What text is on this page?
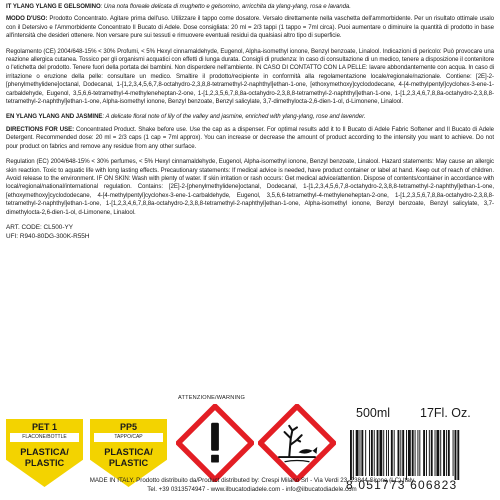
IT YLANG YLANG E GELSOMINO: Una nota floreale delicata di mughetto e gelsomino, arricchita da ylang-ylang, rosa e lavanda.

MODO D'USO: Prodotto Concentrato. Agitare prima dell'uso. Utilizzare il tappo come dosatore. Versalo direttamente nella vaschetta dell'ammorbidente. Per un risultato ottimale usalo con il Detersivo e l'Ammorbidente Concentrato Il Bucato di Adele. Dose consigliata: 20 ml = 2/3 tappi (1 tappo = 7ml circa). Puoi aumentare o diminuire la quantità di prodotto in base all'intensità che desideri ottenere. Non versare pure sui tessuti e rimuovere eventuali residui da qualsiasi altro tipo di superficie.

Regolamento (CE) 2004/648-15% < 30% Profumi, < 5% Hexyl cinnamaldehyde, Eugenol, Alpha-isomethyl ionone, Benzyl benzoate, Linalool. Indicazioni di pericolo: Può provocare una reazione allergica cutanea. Tossico per gli organismi acquatici con effetti di lunga durata. Consigli di prudenza: In caso di consultazione di un medico, tenere a disposizione il contenitore o l'etichetta del prodotto. Tenere fuori della portata dei bambini. Non disperdere nell'ambiente. IN CASO DI CONTATTO CON LA PELLE: lavare abbondantemente con acqua. In caso di irritazione o eruzione della pelle: consultare un medico. Smaltire il prodotto/recipiente in conformità alla regolamentazione locale/regionale/nazionale. Contiene: [2E]-2-[phenylmethylidene]octanal, Dodecanal, 1-[1,2,3,4,5,6,7,8-octahydro-2,3,8,8-tetramethyl-2-naphthyl]ethan-1-one, [ethoxymethoxy]cyclododecane, 4-[4-methylpentyl]cyclohex-3-ene-1-carbaldehyde, Eugenol, 3,5,6,6-tetramethyl-4-methyleneheptan-2-one, 1-[1,2,3,5,6,7,8,8a-octahydro-2,3,8,8-tetramethyl-2-naphthyl]ethan-1-one, 1-[1,2,3,4,6,7,8,8a-octahydro-2,3,8,8-tetramethyl-2-naphthyl]ethan-1-one, Alpha-isomethyl ionone, Benzyl benzoate, Benzyl salicylate, 3,7-dimethylocta-2,6-dien-1-ol, d-Limonene, Linalool.

EN YLANG YLANG AND JASMINE: A delicate floral note of lily of the valley and jasmine, enriched with ylang-ylang, rose and lavender.

DIRECTIONS FOR USE: Concentrated Product. Shake before use. Use the cap as a dispenser. For optimal results add it to Il Bucato di Adele Fabric Softener and Il Bucato di Adele Detergent. Recommended dose: 20 ml = 2/3 caps (1 cap = 7ml approx). You can increase or decrease the amount of product according to the intensity you want to achieve. Do not pour product on fabrics and remove any residue from any other surface.

Regulation (EC) 2004/648-15% < 30% perfumes, < 5% Hexyl cinnamaldehyde, Eugenol, Alpha-isomethyl ionone, Benzyl benzoate, Linalool. Hazard statements: May cause an allergic skin reaction. Toxic to aquatic life with long lasting effects. Precautionary statements: If medical advice is needed, have product container or label at hand. Keep out of reach of children. Avoid release to the environment. IF ON SKIN: Wash with plenty of water. If skin irritation or rash occurs: Get medical advice/attention. Dispose of contents/container in accordance with local/regional/national/international regulation. Contains: [2E]-2-[phenylmethylidene]octanal, Dodecanal, 1-[1,2,3,4,5,6,7,8-octahydro-2,3,8,8-tetramethyl-2-naphthyl]ethan-1-one, [ethoxymethoxy]cyclododecane, 4-[4-methylpentyl]cyclohex-3-ene-1-carbaldehyde, Eugenol, 3,5,6,6-tetramethyl-4-methyleneheptan-2-one, 1-[1,2,3,5,6,7,8,8a-octahydro-2,3,8,8-tetramethyl-2-naphthyl]ethan-1-one, 1-[1,2,3,4,6,7,8,8a-octahydro-2,3,8,8-tetramethyl-2-naphthyl]ethan-1-one, Alpha-isomethyl ionone, Benzyl benzoate, Benzyl salicylate, 3,7-dimethylocta-2,6-dien-1-ol, d-Limonene, Linalool.

ART. CODE: CL500-YY
UFI: R940-80DG-300K-R55H
ATTENZIONE/WARNING
500ml 17Fl. Oz.
PET 1
FLACONE/BOTTLE
PLASTICA/
PLASTIC
PP5
TAPPO/CAP
PLASTICA/
PLASTIC
8 051773 606823
MADE IN ITALY. Prodotto distribuito da/Product distributed by: Crespi Milano Srl - Via Verdi 23, 23844 Sirone (LC) Italy
Tel. +39 0313574947 - www.ilbucatodiadele.com - info@ilbucatodiadele.com
